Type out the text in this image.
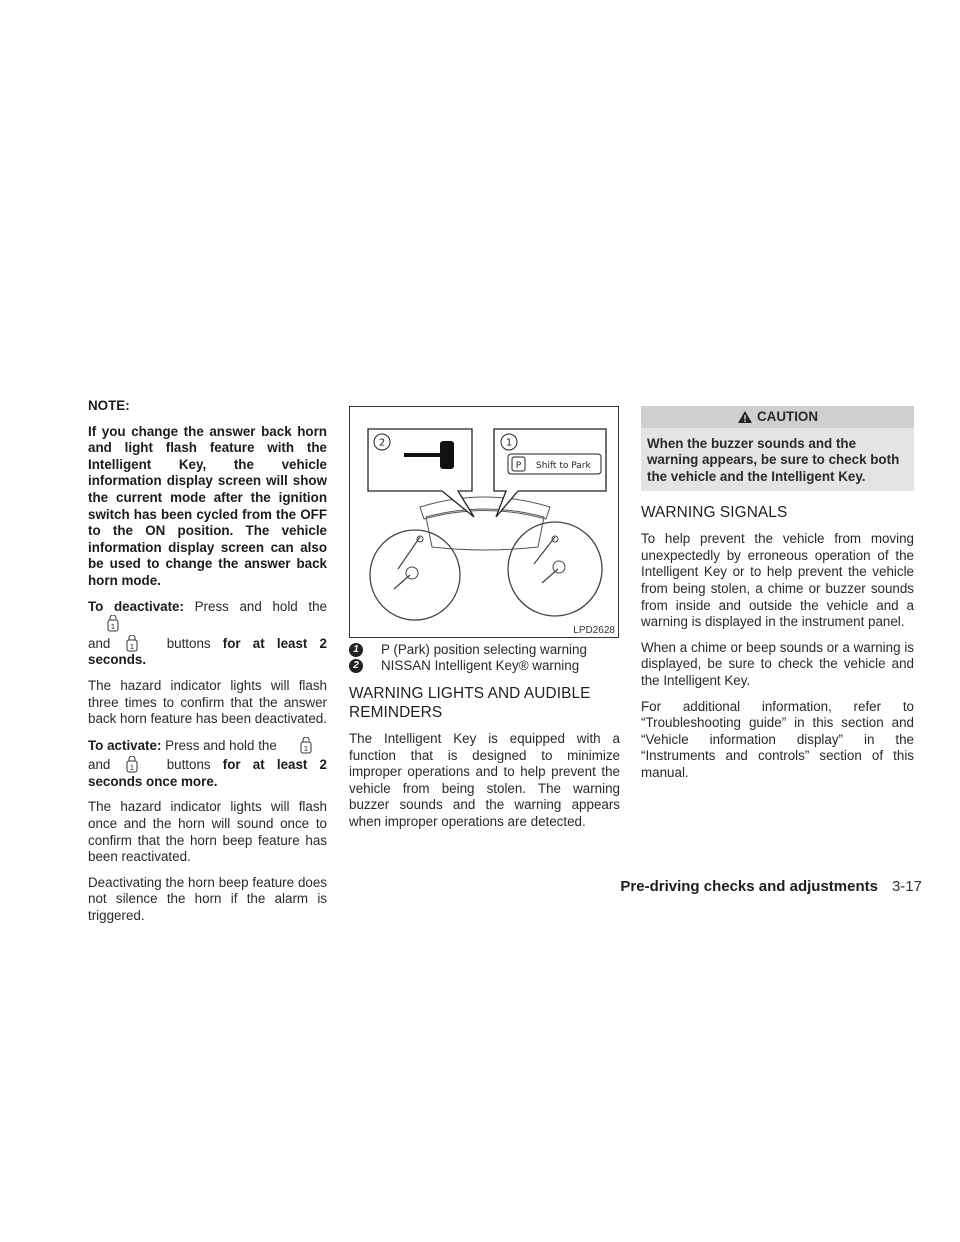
NOTE:

If you change the answer back horn and light flash feature with the Intelligent Key, the vehicle information display screen will show the current mode after the ignition switch has been cycled from the OFF to the ON position. The vehicle information display screen can also be used to change the answer back horn mode.

To deactivate: Press and hold the
1

and	1 buttons for at least 2 seconds.

The hazard indicator lights will flash three times to confirm that the answer back horn feature has been deactivated.

To activate: Press and hold the	1

and	1 buttons for at least 2 seconds once more.

The hazard indicator lights will flash once and the horn will sound once to confirm that the horn beep feature has been reactivated.

Deactivating the horn beep feature does not silence the horn if the alarm is triggered.

P Shift to Park
2	1
LPD2628
1	P (Park) position selecting warning
2	NISSAN Intelligent Key® warning
WARNING LIGHTS AND AUDIBLE REMINDERS

The Intelligent Key is equipped with a function that is designed to minimize improper operations and to help prevent the vehicle from being stolen. The warning buzzer sounds and the warning appears when improper operations are detected.

CAUTION
When the buzzer sounds and the warning appears, be sure to check both the vehicle and the Intelligent Key.
WARNING SIGNALS

To help prevent the vehicle from moving unexpectedly by erroneous operation of the Intelligent Key or to help prevent the vehicle from being stolen, a chime or buzzer sounds from inside and outside the vehicle and a warning is displayed in the instrument panel.

When a chime or beep sounds or a warning is displayed, be sure to check the vehicle and the Intelligent Key.

For additional information, refer to “Troubleshooting guide” in this section and “Vehicle information display” in the “Instruments and controls” section of this manual.

Pre-driving checks and adjustments 3-17
